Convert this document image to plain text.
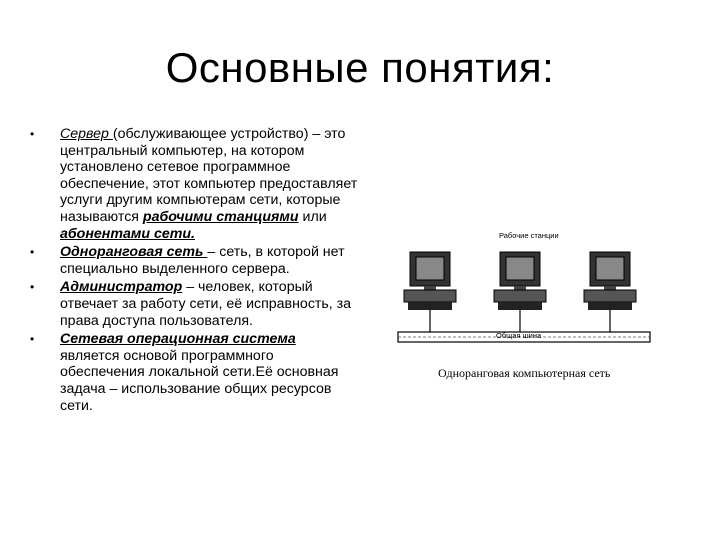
Основные понятия:
• Сервер (обслуживающее устройство) – это центральный компьютер, на котором установлено сетевое программное обеспечение, этот компьютер предоставляет услуги другим компьютерам сети, которые называются рабочими станциями или абонентами сети.
• Одноранговая сеть – сеть, в которой нет специально выделенного сервера.
• Администратор – человек, который отвечает за работу сети, её исправность, за права доступа пользователя.
• Сетевая операционная система является основой программного обеспечения локальной сети.Её основная задача – использование общих ресурсов сети.
Рабочие станции
Общая шина
Одноранговая компьютерная сеть
